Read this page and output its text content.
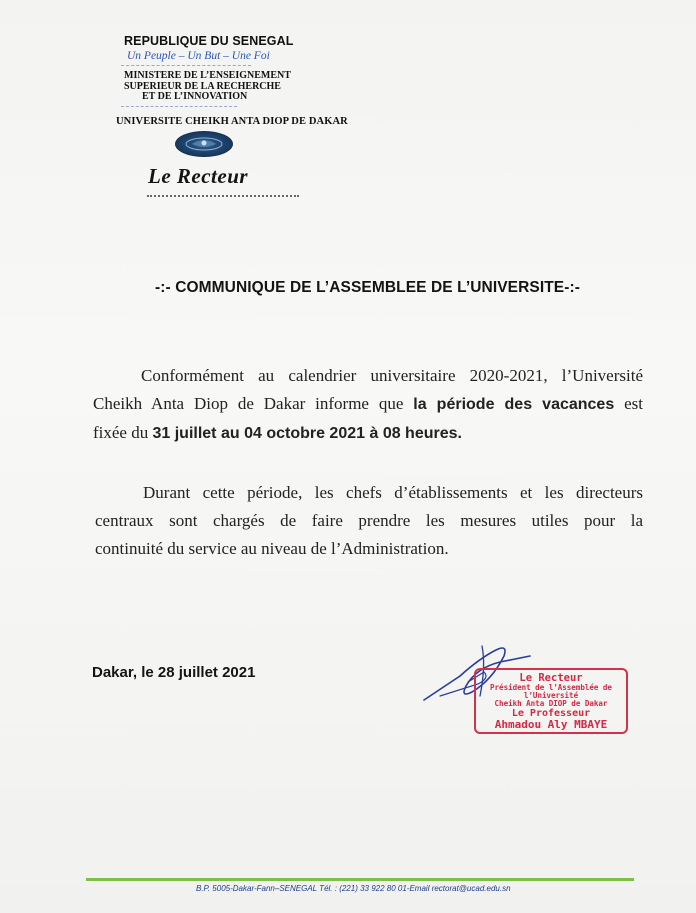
REPUBLIQUE DU SENEGAL
Un Peuple – Un But – Une Foi
MINISTERE DE L’ENSEIGNEMENT
SUPERIEUR DE LA RECHERCHE
ET DE L’INNOVATION
UNIVERSITE CHEIKH ANTA DIOP DE DAKAR
Le Recteur
-:- COMMUNIQUE DE L’ASSEMBLEE DE L’UNIVERSITE-:-
Conformément au calendrier universitaire 2020-2021, l’Université
Cheikh Anta Diop de Dakar informe que la période des vacances est
fixée du 31 juillet au 04 octobre 2021 à 08 heures.
Durant cette période, les chefs d’établissements et les directeurs
centraux sont chargés de faire prendre les mesures utiles pour la
continuité du service au niveau de l’Administration.
Dakar, le 28 juillet 2021	Le Recteur
Président de l’Assemblée de l’Université
Cheikh Anta DIOP de Dakar
Le Professeur
Ahmadou Aly MBAYE
B.P. 5005-Dakar-Fann–SENEGAL Tél. : (221) 33 922 80 01-Email rectorat@ucad.edu.sn
